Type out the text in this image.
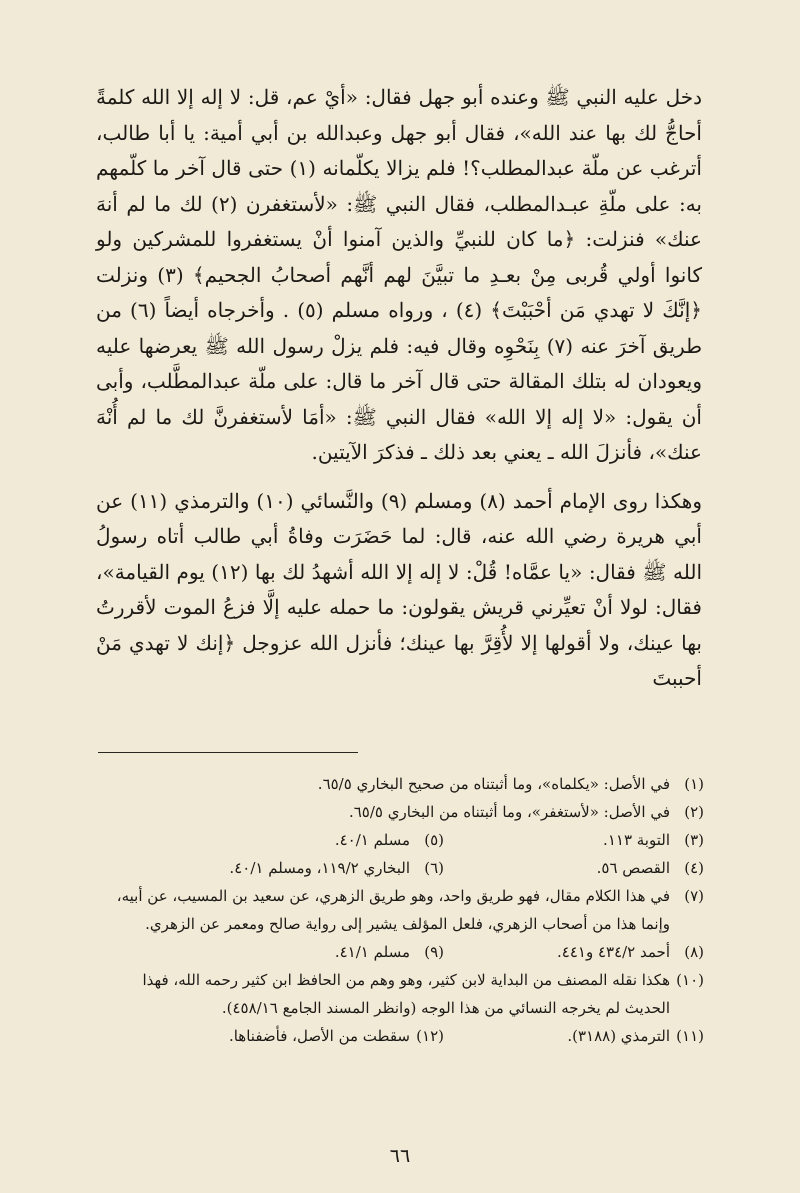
دخل عليه النبي ﷺ وعنده أبو جهل فقال: «أيْ عم، قل: لا إله إلا الله كلمةً أحاجُّ لك بها عند الله»، فقال أبو جهل وعبدالله بن أبي أمية: يا أبا طالب، أترغب عن ملّة عبدالمطلب؟! فلم يزالا يكلّمانه (١) حتى قال آخر ما كلّمهم به: على ملّةِ عبـدالمطلب، فقال النبي ﷺ: «لأستغفرن (٢) لك ما لم أنهَ عنك» فنزلت: ﴿ما كان للنبيِّ والذين آمنوا أنْ يستغفروا للمشركين ولو كانوا أولي قُربى مِنْ بعـدِ ما تبيَّنَ لهم أنَّهم أصحابُ الجحيم﴾ (٣) ونزلت ﴿إنَّكَ لا تهدي مَن أحْبَبْتَ﴾ (٤) ، ورواه مسلم (٥) . وأخرجاه أيضاً (٦) من طريق آخرَ عنه (٧) بِنَحْوِه وقال فيه: فلم يزلْ رسول الله ﷺ يعرضها عليه ويعودان له بتلك المقالة حتى قال آخر ما قال: على ملّة عبدالمطَّلب، وأبى أن يقول: «لا إله إلا الله» فقال النبي ﷺ: «أمَا لأستغفرنَّ لك ما لم أُنْهَ عنك»، فأنزلَ الله ـ يعني بعد ذلك ـ فذكرَ الآيتين.

وهكذا روى الإمام أحمد (٨) ومسلم (٩) والنَّسائي (١٠) والترمذي (١١) عن أبي هريرة رضي الله عنه، قال: لما حَضَرَت وفاةُ أبي طالب أتاه رسولُ الله ﷺ فقال: «يا عمَّاه! قُلْ: لا إله إلا الله أشهدُ لك بها (١٢) يوم القيامة»، فقال: لولا أنْ تعيِّرني قريش يقولون: ما حمله عليه إلَّا فزعُ الموت لأقررتُ بها عينك، ولا أقولها إلا لأُقِرَّ بها عينك؛ فأنزل الله عزوجل ﴿إنك لا تهدي مَنْ أحببتَ

(١)
في الأصل: «يكلماه»، وما أثبتناه من صحيح البخاري ٦٥/٥.
(٢)
في الأصل: «لأستغفر»، وما أثبتناه من البخاري ٦٥/٥.
(٣)
التوبة ١١٣.
(٥)
مسلم ٤٠/١.
(٤)
القصص ٥٦.
(٦)
البخاري ١١٩/٢، ومسلم ٤٠/١.
(٧)
في هذا الكلام مقال، فهو طريق واحد، وهو طريق الزهري، عن سعيد بن المسيب، عن أبيه، وإنما هذا من أصحاب الزهري، فلعل المؤلف يشير إلى رواية صالح ومعمر عن الزهري.
(٨)
أحمد ٤٣٤/٢ و٤٤١.
(٩)
مسلم ٤١/١.
(١٠)
هكذا نقله المصنف من البداية لابن كثير، وهو وهم من الحافظ ابن كثير رحمه الله، فهذا الحديث لم يخرجه النسائي من هذا الوجه (وانظر المسند الجامع ٤٥٨/١٦).
(١١)
الترمذي (٣١٨٨).
(١٢)
سقطت من الأصل، فأضفناها.
٦٦
